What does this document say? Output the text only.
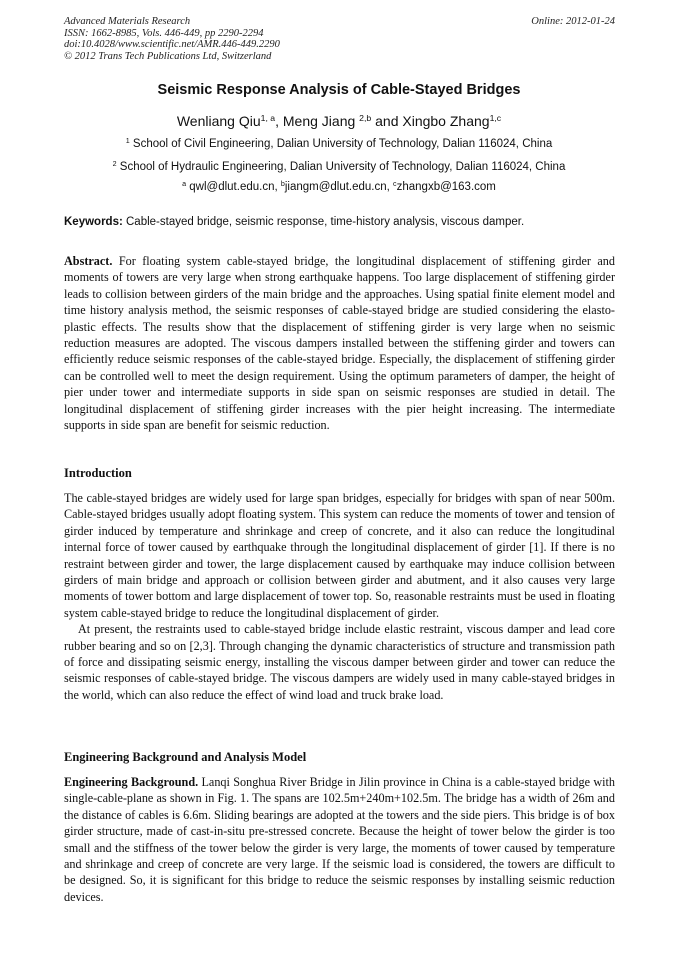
Advanced Materials Research
ISSN: 1662-8985, Vols. 446-449, pp 2290-2294
doi:10.4028/www.scientific.net/AMR.446-449.2290
© 2012 Trans Tech Publications Ltd, Switzerland
Online: 2012-01-24
Seismic Response Analysis of Cable-Stayed Bridges
Wenliang Qiu$^{1, a}$, Meng Jiang $^{2,b}$ and Xingbo Zhang$^{1,c}$
$^1$ School of Civil Engineering, Dalian University of Technology, Dalian 116024, China
$^2$ School of Hydraulic Engineering, Dalian University of Technology, Dalian 116024, China
$^a$ qwl@dlut.edu.cn, $^b$jiangm@dlut.edu.cn, $^c$zhangxb@163.com
Keywords: Cable-stayed bridge, seismic response, time-history analysis, viscous damper.

Abstract. For floating system cable-stayed bridge, the longitudinal displacement of stiffening girder and moments of towers are very large when strong earthquake happens. Too large displacement of stiffening girder leads to collision between girders of the main bridge and the approaches. Using spatial finite element model and time history analysis method, the seismic responses of cable-stayed bridge are studied considering the elasto-plastic effects. The results show that the displacement of stiffening girder is very large when no seismic reduction measures are adopted. The viscous dampers installed between the stiffening girder and towers can efficiently reduce seismic responses of the cable-stayed bridge. Especially, the displacement of stiffening girder can be controlled well to meet the design requirement. Using the optimum parameters of damper, the height of pier under tower and intermediate supports in side span on seismic responses are studied in detail. The longitudinal displacement of stiffening girder increases with the pier height increasing. The intermediate supports in side span are benefit for seismic reduction.

Introduction

The cable-stayed bridges are widely used for large span bridges, especially for bridges with span of near 500m. Cable-stayed bridges usually adopt floating system. This system can reduce the moments of tower and tension of girder induced by temperature and shrinkage and creep of concrete, and it also can reduce the longitudinal internal force of tower caused by earthquake through the longitudinal displacement of girder [1]. If there is no restraint between girder and tower, the large displacement caused by earthquake may induce collision between girders of main bridge and approach or collision between girder and abutment, and it also causes very large moments of tower bottom and large displacement of tower top. So, reasonable restraints must be used in floating system cable-stayed bridge to reduce the longitudinal displacement of girder.

At present, the restraints used to cable-stayed bridge include elastic restraint, viscous damper and lead core rubber bearing and so on [2,3]. Through changing the dynamic characteristics of structure and transmission path of force and dissipating seismic energy, installing the viscous damper between girder and tower can reduce the seismic responses of cable-stayed bridge. The viscous dampers are widely used in many cable-stayed bridges in the world, which can also reduce the effect of wind load and truck brake load.

Engineering Background and Analysis Model

Engineering Background. Lanqi Songhua River Bridge in Jilin province in China is a cable-stayed bridge with single-cable-plane as shown in Fig. 1. The spans are 102.5m+240m+102.5m. The bridge has a width of 26m and the distance of cables is 6.6m. Sliding bearings are adopted at the towers and the side piers. This bridge is of box girder structure, made of cast-in-situ pre-stressed concrete. Because the height of tower below the girder is too small and the stiffness of the tower below the girder is very large, the moments of tower caused by temperature and shrinkage and creep of concrete are very large. If the seismic load is considered, the towers are difficult to be designed. So, it is significant for this bridge to reduce the seismic responses by installing seismic reduction devices.
